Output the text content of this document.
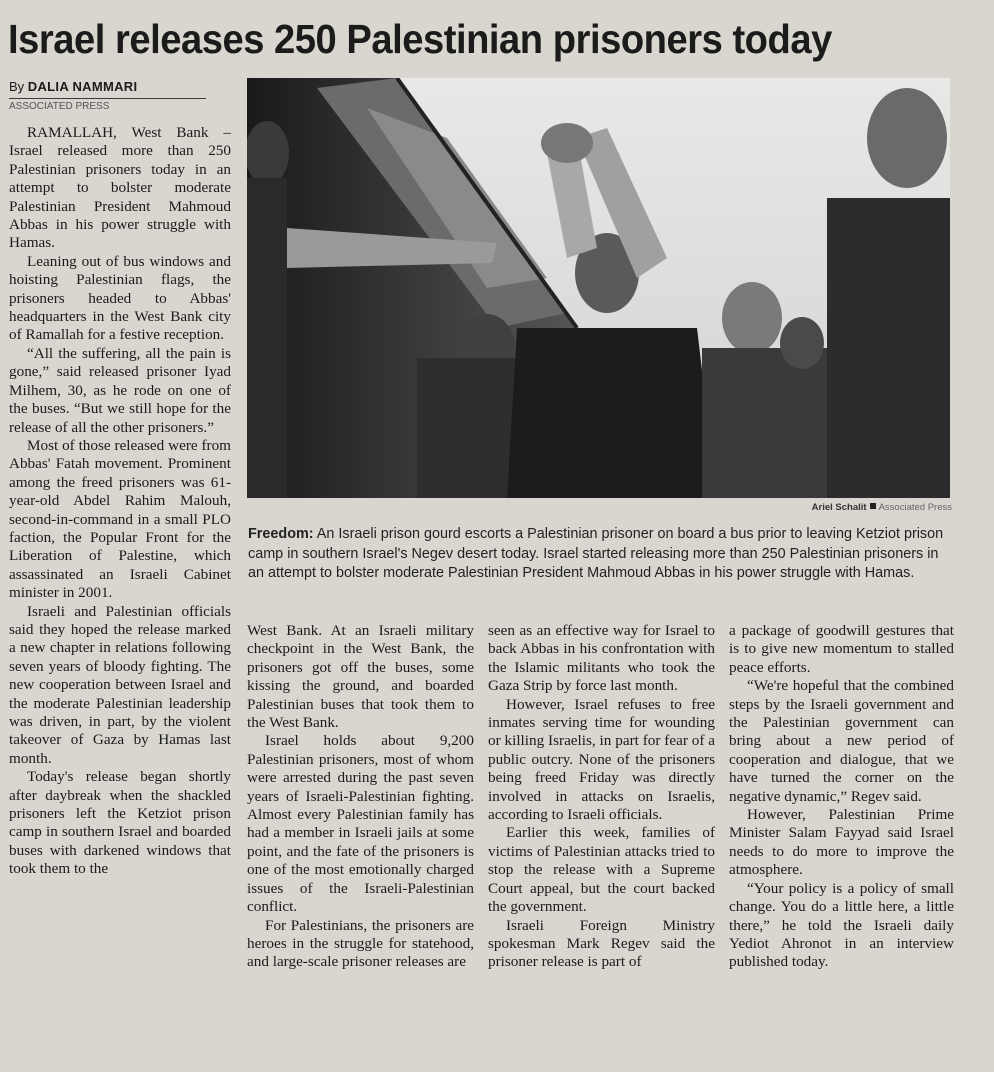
Israel releases 250 Palestinian prisoners today
By DALIA NAMMARI
ASSOCIATED PRESS

RAMALLAH, West Bank – Israel released more than 250 Palestinian prisoners today in an attempt to bolster moderate Palestinian President Mahmoud Abbas in his power struggle with Hamas.

Leaning out of bus windows and hoisting Palestinian flags, the prisoners headed to Abbas' headquarters in the West Bank city of Ramallah for a festive reception.

“All the suffering, all the pain is gone,” said released prisoner Iyad Milhem, 30, as he rode on one of the buses. “But we still hope for the release of all the other prisoners.”

Most of those released were from Abbas' Fatah movement. Prominent among the freed prisoners was 61-year-old Abdel Rahim Malouh, second-in-command in a small PLO faction, the Popular Front for the Liberation of Palestine, which assassinated an Israeli Cabinet minister in 2001.

Israeli and Palestinian officials said they hoped the release marked a new chapter in relations following seven years of bloody fighting. The new cooperation between Israel and the moderate Palestinian leadership was driven, in part, by the violent takeover of Gaza by Hamas last month.

Today's release began shortly after daybreak when the shackled prisoners left the Ketziot prison camp in southern Israel and boarded buses with darkened windows that took them to the

Ariel Schalit Associated Press
Freedom: An Israeli prison gourd escorts a Palestinian prisoner on board a bus prior to leaving Ketziot prison camp in southern Israel's Negev desert today. Israel started releasing more than 250 Palestinian prisoners in an attempt to bolster moderate Palestinian President Mahmoud Abbas in his power struggle with Hamas.

West Bank. At an Israeli military checkpoint in the West Bank, the prisoners got off the buses, some kissing the ground, and boarded Palestinian buses that took them to the West Bank.

Israel holds about 9,200 Palestinian prisoners, most of whom were arrested during the past seven years of Israeli-Palestinian fighting. Almost every Palestinian family has had a member in Israeli jails at some point, and the fate of the prisoners is one of the most emotionally charged issues of the Israeli-Palestinian conflict.

For Palestinians, the prisoners are heroes in the struggle for statehood, and large-scale prisoner releases are

seen as an effective way for Israel to back Abbas in his confrontation with the Islamic militants who took the Gaza Strip by force last month.

However, Israel refuses to free inmates serving time for wounding or killing Israelis, in part for fear of a public outcry. None of the prisoners being freed Friday was directly involved in attacks on Israelis, according to Israeli officials.

Earlier this week, families of victims of Palestinian attacks tried to stop the release with a Supreme Court appeal, but the court backed the government.

Israeli Foreign Ministry spokesman Mark Regev said the prisoner release is part of

a package of goodwill gestures that is to give new momentum to stalled peace efforts.

“We're hopeful that the combined steps by the Israeli government and the Palestinian government can bring about a new period of cooperation and dialogue, that we have turned the corner on the negative dynamic,” Regev said.

However, Palestinian Prime Minister Salam Fayyad said Israel needs to do more to improve the atmosphere.

“Your policy is a policy of small change. You do a little here, a little there,” he told the Israeli daily Yediot Ahronot in an interview published today.
